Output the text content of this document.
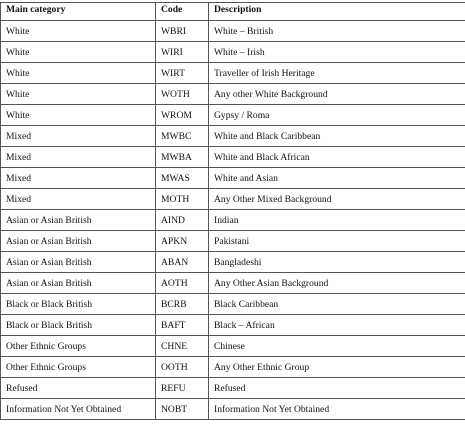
Main category	Code	Description
White	WBRI	White – British
White	WIRI	White – Irish
White	WIRT	Traveller of Irish Heritage
White	WOTH	Any other White Background
White	WROM	Gypsy / Roma
Mixed	MWBC	White and Black Caribbean
Mixed	MWBA	White and Black African
Mixed	MWAS	White and Asian
Mixed	MOTH	Any Other Mixed Background
Asian or Asian British	AIND	Indian
Asian or Asian British	APKN	Pakistani
Asian or Asian British	ABAN	Bangladeshi
Asian or Asian British	AOTH	Any Other Asian Background
Black or Black British	BCRB	Black Caribbean
Black or Black British	BAFT	Black – African
Other Ethnic Groups	CHNE	Chinese
Other Ethnic Groups	OOTH	Any Other Ethnic Group
Refused	REFU	Refused
Information Not Yet Obtained	NOBT	Information Not Yet Obtained
